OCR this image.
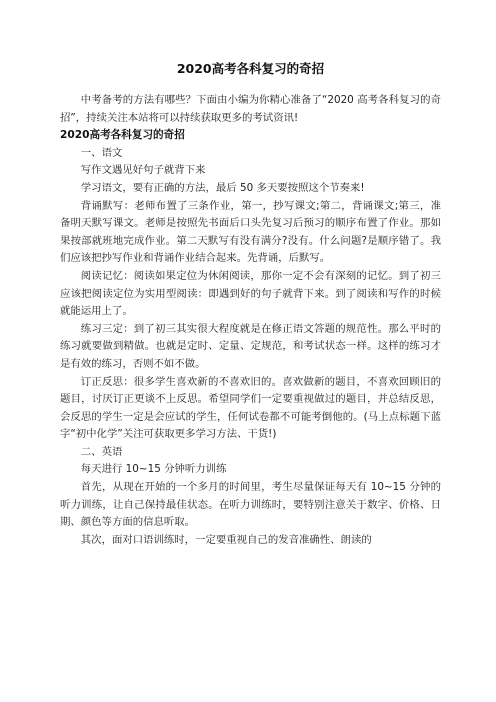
2020高考各科复习的奇招

中考备考的方法有哪些？下面由小编为你精心准备了“2020 高考各科复习的奇招”，持续关注本站将可以持续获取更多的考试资讯!

2020高考各科复习的奇招

一、语文

写作文遇见好句子就背下来

学习语文，要有正确的方法，最后 50 多天要按照这个节奏来!

背诵默写：老师布置了三条作业，第一，抄写课文;第二，背诵课文;第三，准备明天默写课文。老师是按照先书面后口头先复习后预习的顺序布置了作业。那如果按部就班地完成作业。第二天默写有没有满分?没有。什么问题?是顺序错了。我们应该把抄写作业和背诵作业结合起来。先背诵，后默写。

阅读记忆：阅读如果定位为休闲阅读，那你一定不会有深刻的记忆。到了初三应该把阅读定位为实用型阅读：即遇到好的句子就背下来。到了阅读和写作的时候就能运用上了。

练习三定：到了初三其实很大程度就是在修正语文答题的规范性。那么平时的练习就要做到精做。也就是定时、定量、定规范，和考试状态一样。这样的练习才是有效的练习，否则不如不做。

订正反思：很多学生喜欢新的不喜欢旧的。喜欢做新的题目，不喜欢回顾旧的题目，讨厌订正更谈不上反思。希望同学们一定要重视做过的题目，并总结反思，会反思的学生一定是会应试的学生，任何试卷都不可能考倒他的。(马上点标题下蓝字“初中化学”关注可获取更多学习方法、干货!)

二、英语

每天进行 10~15 分钟听力训练

首先，从现在开始的一个多月的时间里，考生尽量保证每天有 10~15 分钟的听力训练，让自己保持最佳状态。在听力训练时，要特别注意关于数字、价格、日期、颜色等方面的信息听取。

其次，面对口语训练时，一定要重视自己的发音准确性、朗读的
